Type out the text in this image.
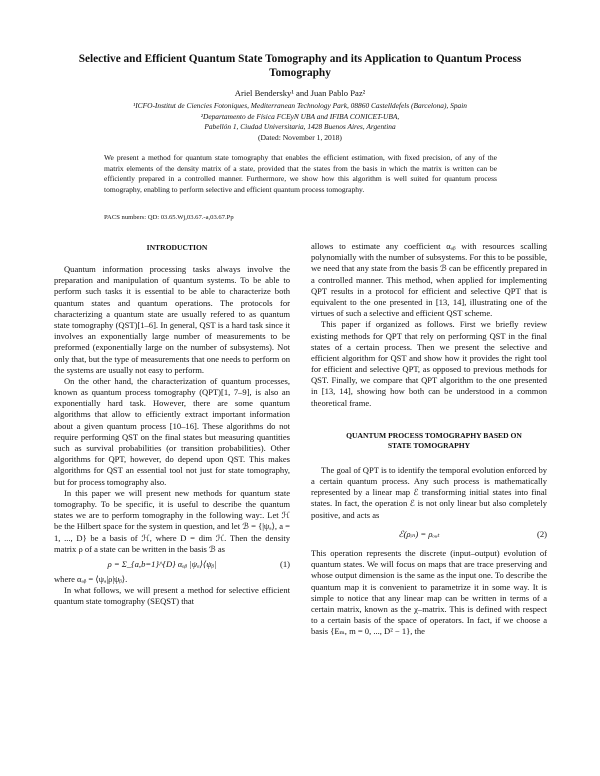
Selective and Efficient Quantum State Tomography and its Application to Quantum Process Tomography
Ariel Bendersky¹ and Juan Pablo Paz²
¹ICFO-Institut de Ciencies Fotoniques, Mediterranean Technology Park, 08860 Castelldefels (Barcelona), Spain
²Departamento de Física FCEyN UBA and IFIBA CONICET-UBA,
Pabellón 1, Ciudad Universitaria, 1428 Buenos Aires, Argentina
(Dated: November 1, 2018)

We present a method for quantum state tomography that enables the efficient estimation, with fixed precision, of any of the matrix elements of the density matrix of a state, provided that the states from the basis in which the matrix is written can be efficiently prepared in a controlled manner. Furthermore, we show how this algorithm is well suited for quantum process tomography, enabling to perform selective and efficient quantum process tomography.

PACS numbers: QD: 03.65.Wj,03.67.-a,03.67.Pp

INTRODUCTION

Quantum information processing tasks always involve the preparation and manipulation of quantum systems. To be able to perform such tasks it is essential to be able to characterize both quantum states and quantum operations. The protocols for characterizing a quantum state are usually refered to as quantum state tomography (QST)[1–6]. In general, QST is a hard task since it involves an exponentially large number of measurements to be preformed (exponentially large on the number of subsystems). Not only that, but the type of measurements that one needs to perform on the systems are usually not easy to perform.

On the other hand, the characterization of quantum processes, known as quantum process tomography (QPT)[1, 7–9], is also an exponentially hard task. However, there are some quantum algorithms that allow to efficiently extract important information about a given quantum process [10–16]. These algorithms do not require performing QST on the final states but measuring quantities such as survival probabilities (or transition probabilities). Other algorithms for QPT, however, do depend upon QST. This makes algorithms for QST an essential tool not just for state tomography, but for process tomography also.

In this paper we will present new methods for quantum state tomography. To be specific, it is useful to describe the quantum states we are to perform tomography in the following way:. Let ℋ be the Hilbert space for the system in question, and let ℬ = {|ψₐ⟩, a = 1, ..., D} be a basis of ℋ, where D = dim ℋ. Then the density matrix ρ of a state can be written in the basis ℬ as

ρ = Σ_{a,b=1}^{D} αₐᵦ |ψₐ⟩⟨ψᵦ|	(1)

where αₐᵦ = ⟨ψₐ|ρ|ψᵦ⟩.

In what follows, we will present a method for selective efficient quantum state tomography (SEQST) that

allows to estimate any coefficient αₐᵦ with resources scalling polynomially with the number of subsystems. For this to be possible, we need that any state from the basis ℬ can be efficently prepared in a controlled manner. This method, when applied for implementing QPT results in a protocol for efficient and selective QPT that is equivalent to the one presented in [13, 14], illustrating one of the virtues of such a selective and efficient QST scheme.

This paper if organized as follows. First we briefly review existing methods for QPT that rely on performing QST in the final states of a certain process. Then we present the selective and efficient algorithm for QST and show how it provides the right tool for efficient and selective QPT, as opposed to previous methods for QST. Finally, we compare that QPT algorithm to the one presented in [13, 14], showing how both can be understood in a common theoretical frame.

QUANTUM PROCESS TOMOGRAPHY BASED ON STATE TOMOGRAPHY

The goal of QPT is to identify the temporal evolution enforced by a certain quantum process. Any such process is mathematically represented by a linear map ℰ transforming initial states into final states. In fact, the operation ℰ is not only linear but also completely positive, and acts as

ℰ(ρᵢₙ) = ρₒᵤₜ	(2)

This operation represents the discrete (input–output) evolution of quantum states. We will focus on maps that are trace preserving and whose output dimension is the same as the input one. To describe the quantum map it is convenient to parametrize it in some way. It is simple to notice that any linear map can be written in terms of a certain matrix, known as the χ–matrix. This is defined with respect to a certain basis of the space of operators. In fact, if we choose a basis {Eₘ, m = 0, ..., D² − 1}, the
